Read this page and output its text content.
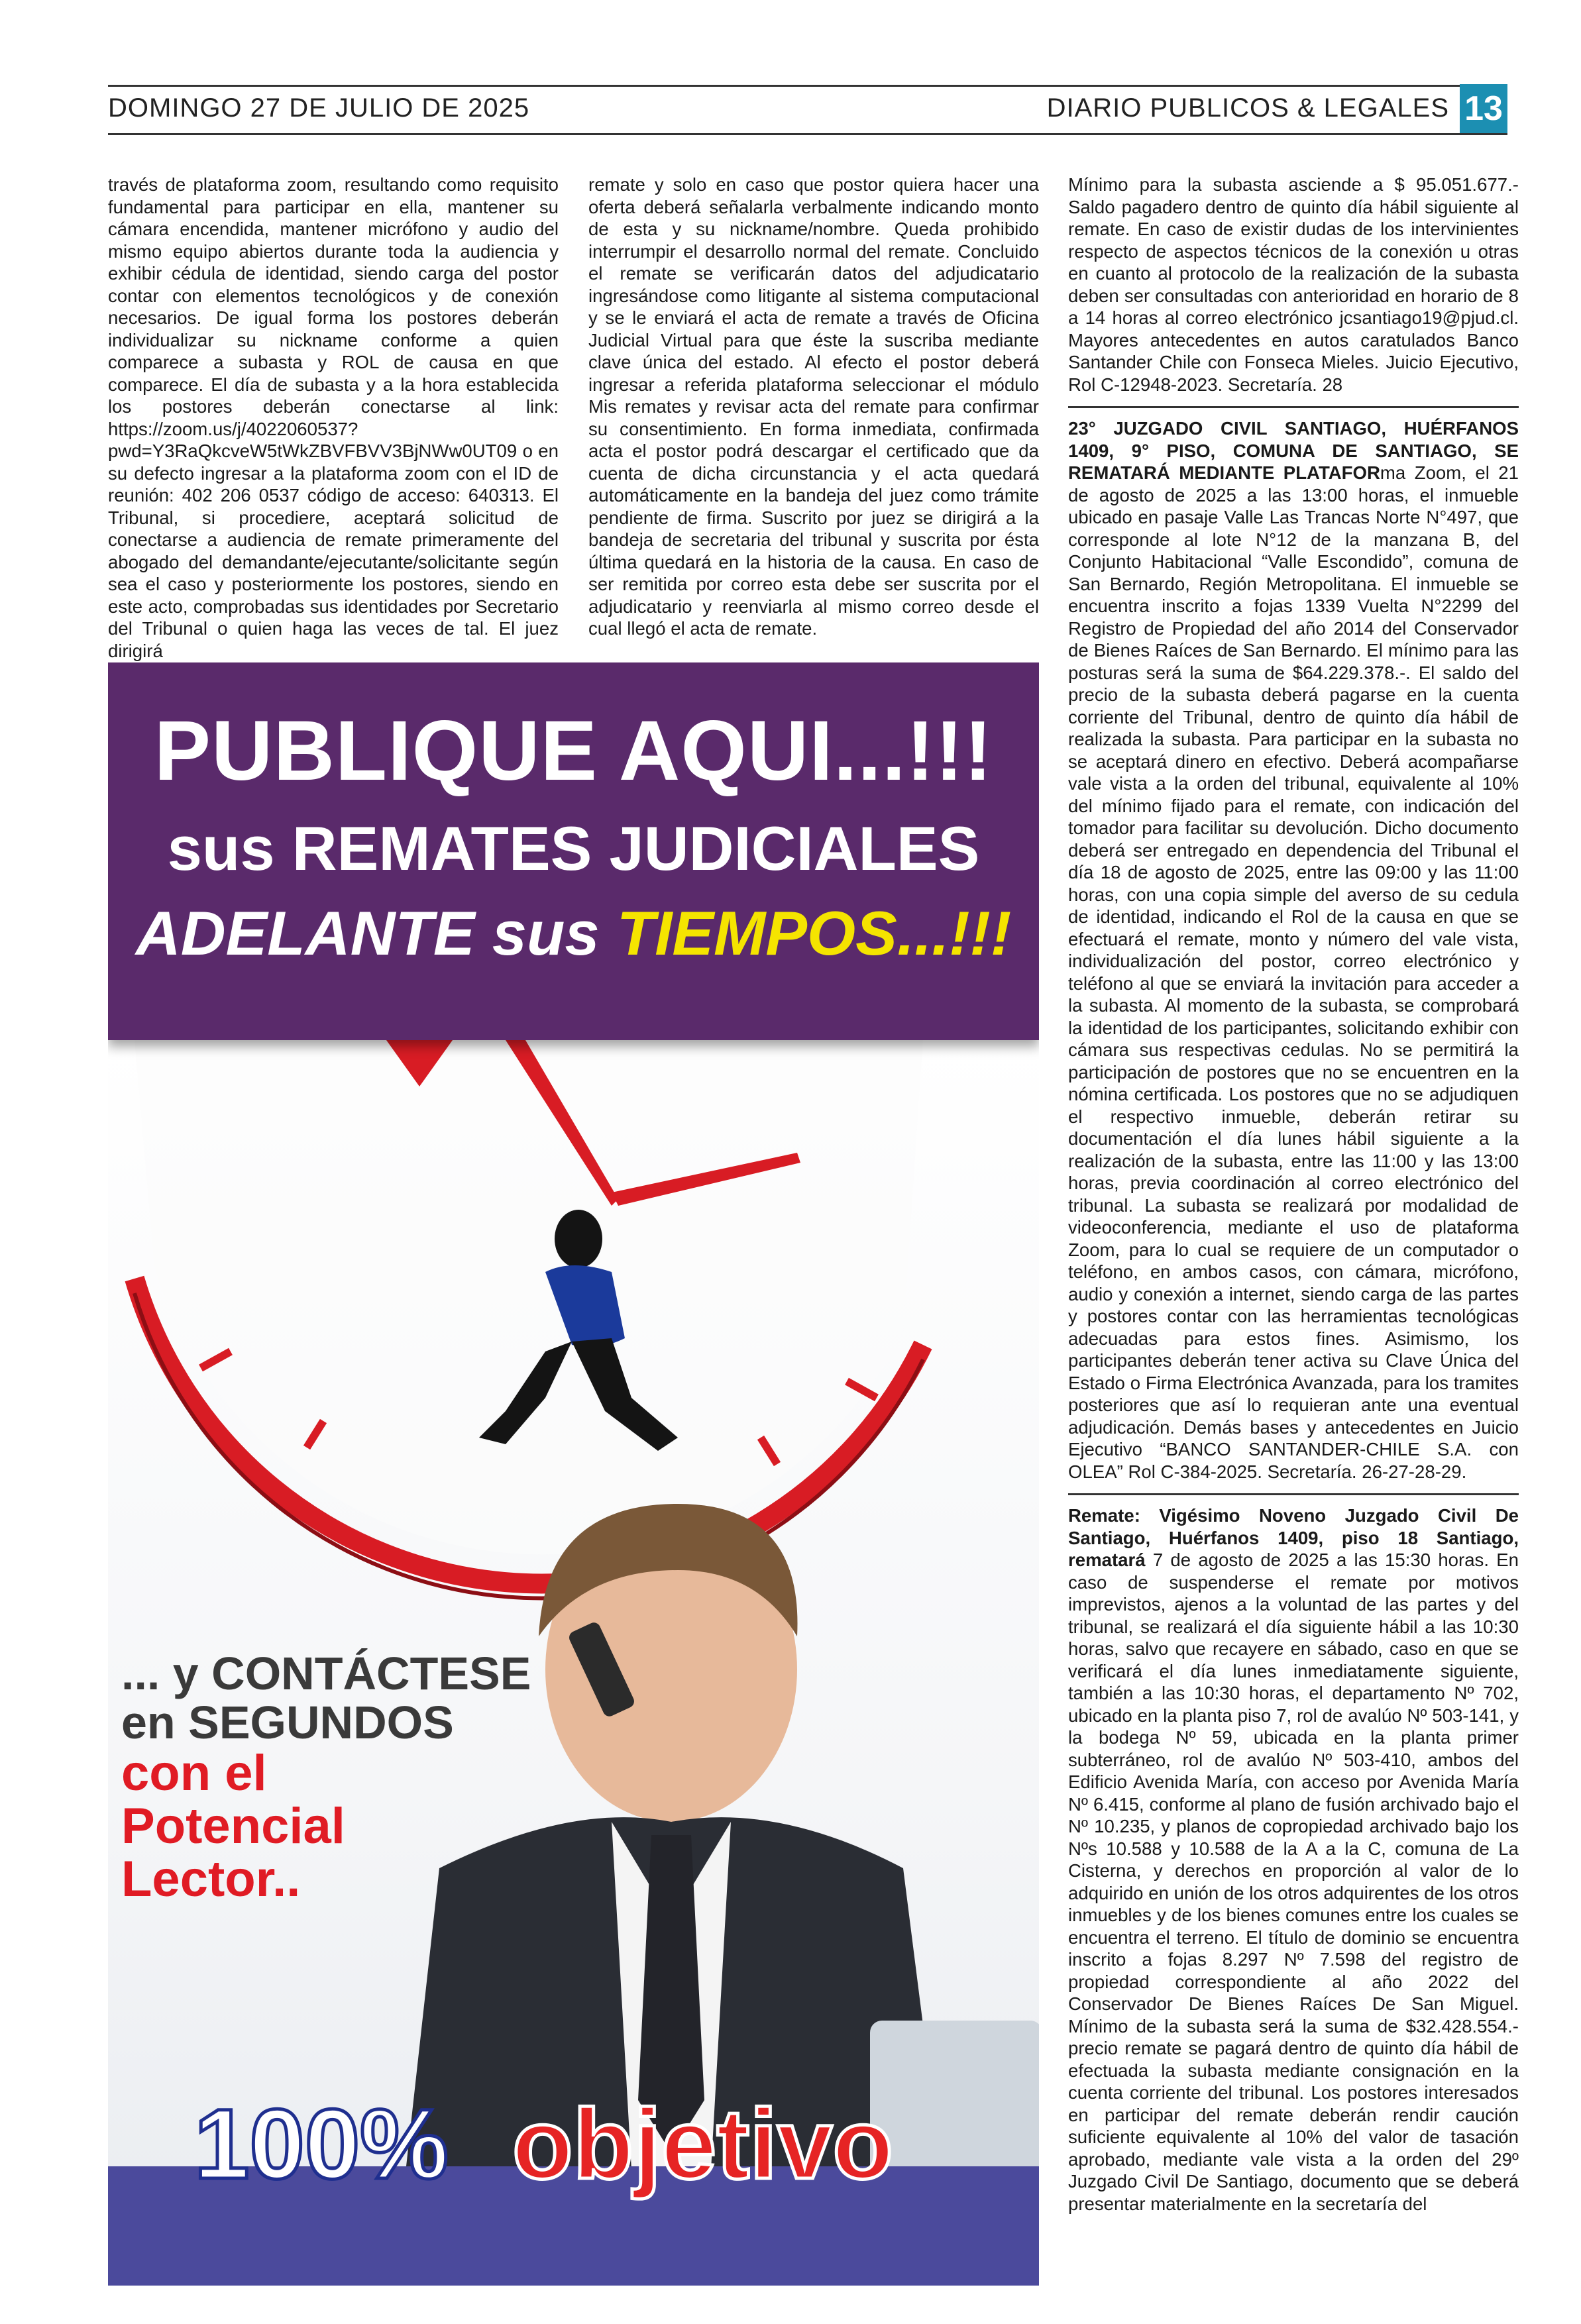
DOMINGO 27 DE JULIO DE 2025	DIARIO PUBLICOS & LEGALES 13

través de plataforma zoom, resultando como requisito fundamental para participar en ella, mantener su cámara encendida, mantener micrófono y audio del mismo equipo abiertos durante toda la audiencia y exhibir cédula de identidad, siendo carga del postor contar con elementos tecnológicos y de conexión necesarios. De igual forma los postores deberán individualizar su nickname conforme a quien comparece a subasta y ROL de causa en que comparece. El día de subasta y a la hora establecida los postores deberán conectarse al link: https://zoom.us/j/4022060537?pwd=Y3RaQkcveW5tWkZBVFBVV3BjNWw0UT09 o en su defecto ingresar a la plataforma zoom con el ID de reunión: 402 206 0537 código de acceso: 640313. El Tribunal, si procediere, aceptará solicitud de conectarse a audiencia de remate primeramente del abogado del demandante/ejecutante/solicitante según sea el caso y posteriormente los postores, siendo en este acto, comprobadas sus identidades por Secretario del Tribunal o quien haga las veces de tal. El juez dirigirá

remate y solo en caso que postor quiera hacer una oferta deberá señalarla verbalmente indicando monto de esta y su nickname/nombre. Queda prohibido interrumpir el desarrollo normal del remate. Concluido el remate se verificarán datos del adjudicatario ingresándose como litigante al sistema computacional y se le enviará el acta de remate a través de Oficina Judicial Virtual para que éste la suscriba mediante clave única del estado. Al efecto el postor deberá ingresar a referida plataforma seleccionar el módulo Mis remates y revisar acta del remate para confirmar su consentimiento. En forma inmediata, confirmada acta el postor podrá descargar el certificado que da cuenta de dicha circunstancia y el acta quedará automáticamente en la bandeja del juez como trámite pendiente de firma. Suscrito por juez se dirigirá a la bandeja de secretaria del tribunal y suscrita por ésta última quedará en la historia de la causa. En caso de ser remitida por correo esta debe ser suscrita por el adjudicatario y reenviarla al mismo correo desde el cual llegó el acta de remate.

Mínimo para la subasta asciende a $ 95.051.677.- Saldo pagadero dentro de quinto día hábil siguiente al remate. En caso de existir dudas de los intervinientes respecto de aspectos técnicos de la conexión u otras en cuanto al protocolo de la realización de la subasta deben ser consultadas con anterioridad en horario de 8 a 14 horas al correo electrónico jcsantiago19@pjud.cl. Mayores antecedentes en autos caratulados Banco Santander Chile con Fonseca Mieles. Juicio Ejecutivo, Rol C-12948-2023. Secretaría. 28

23° JUZGADO CIVIL SANTIAGO, HUÉRFANOS 1409, 9° PISO, COMUNA DE SANTIAGO, SE REMATARÁ MEDIANTE PLATAFORma Zoom, el 21 de agosto de 2025 a las 13:00 horas, el inmueble ubicado en pasaje Valle Las Trancas Norte N°497, que corresponde al lote N°12 de la manzana B, del Conjunto Habitacional “Valle Escondido”, comuna de San Bernardo, Región Metropolitana. El inmueble se encuentra inscrito a fojas 1339 Vuelta N°2299 del Registro de Propiedad del año 2014 del Conservador de Bienes Raíces de San Bernardo. El mínimo para las posturas será la suma de $64.229.378.-. El saldo del precio de la subasta deberá pagarse en la cuenta corriente del Tribunal, dentro de quinto día hábil de realizada la subasta. Para participar en la subasta no se aceptará dinero en efectivo. Deberá acompañarse vale vista a la orden del tribunal, equivalente al 10% del mínimo fijado para el remate, con indicación del tomador para facilitar su devolución. Dicho documento deberá ser entregado en dependencia del Tribunal el día 18 de agosto de 2025, entre las 09:00 y las 11:00 horas, con una copia simple del averso de su cedula de identidad, indicando el Rol de la causa en que se efectuará el remate, monto y número del vale vista, individualización del postor, correo electrónico y teléfono al que se enviará la invitación para acceder a la subasta. Al momento de la subasta, se comprobará la identidad de los participantes, solicitando exhibir con cámara sus respectivas cedulas. No se permitirá la participación de postores que no se encuentren en la nómina certificada. Los postores que no se adjudiquen el respectivo inmueble, deberán retirar su documentación el día lunes hábil siguiente a la realización de la subasta, entre las 11:00 y las 13:00 horas, previa coordinación al correo electrónico del tribunal. La subasta se realizará por modalidad de videoconferencia, mediante el uso de plataforma Zoom, para lo cual se requiere de un computador o teléfono, en ambos casos, con cámara, micrófono, audio y conexión a internet, siendo carga de las partes y postores contar con las herramientas tecnológicas adecuadas para estos fines. Asimismo, los participantes deberán tener activa su Clave Única del Estado o Firma Electrónica Avanzada, para los tramites posteriores que así lo requieran ante una eventual adjudicación. Demás bases y antecedentes en Juicio Ejecutivo “BANCO SANTANDER-CHILE S.A. con OLEA” Rol C-384-2025. Secretaría. 26-27-28-29.

Remate: Vigésimo Noveno Juzgado Civil De Santiago, Huérfanos 1409, piso 18 Santiago, rematará 7 de agosto de 2025 a las 15:30 horas. En caso de suspenderse el remate por motivos imprevistos, ajenos a la voluntad de las partes y del tribunal, se realizará el día siguiente hábil a las 10:30 horas, salvo que recayere en sábado, caso en que se verificará el día lunes inmediatamente siguiente, también a las 10:30 horas, el departamento Nº 702, ubicado en la planta piso 7, rol de avalúo Nº 503-141, y la bodega Nº 59, ubicada en la planta primer subterráneo, rol de avalúo Nº 503-410, ambos del Edificio Avenida María, con acceso por Avenida María Nº 6.415, conforme al plano de fusión archivado bajo el Nº 10.235, y planos de copropiedad archivado bajo los Nºs 10.588 y 10.588 de la A a la C, comuna de La Cisterna, y derechos en proporción al valor de lo adquirido en unión de los otros adquirentes de los otros inmuebles y de los bienes comunes entre los cuales se encuentra el terreno. El título de dominio se encuentra inscrito a fojas 8.297 Nº 7.598 del registro de propiedad correspondiente al año 2022 del Conservador De Bienes Raíces De San Miguel. Mínimo de la subasta será la suma de $32.428.554.- precio remate se pagará dentro de quinto día hábil de efectuada la subasta mediante consignación en la cuenta corriente del tribunal. Los postores interesados en participar del remate deberán rendir caución suficiente equivalente al 10% del valor de tasación aprobado, mediante vale vista a la orden del 29º Juzgado Civil De Santiago, documento que se deberá presentar materialmente en la secretaría del

... y CONTÁCTESE
en SEGUNDOS
con el
Potencial
Lector..
100% objetivo
PUBLIQUE AQUI...!!!
sus REMATES JUDICIALES
ADELANTE sus TIEMPOS...!!!
